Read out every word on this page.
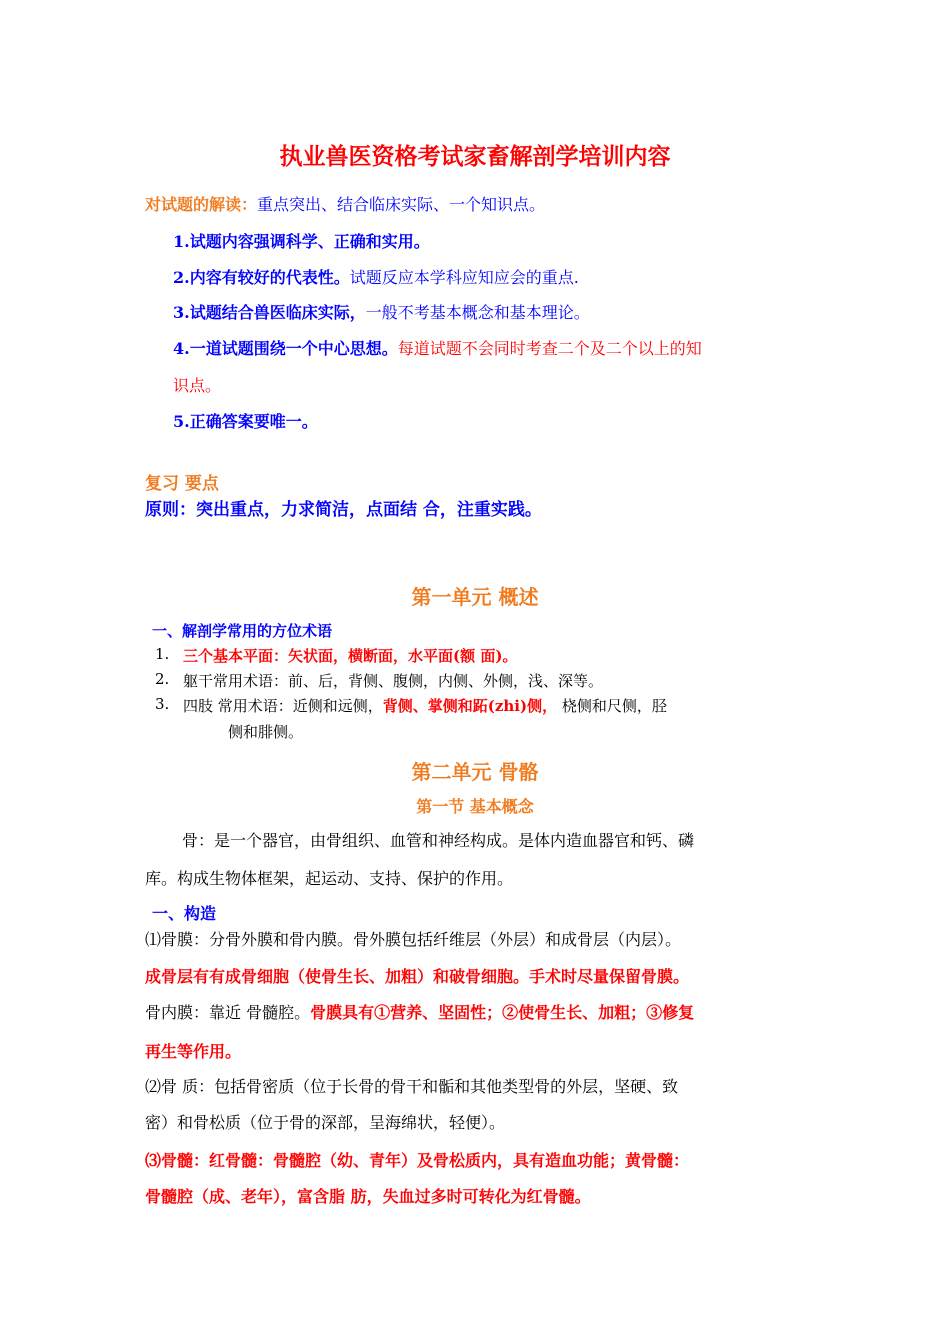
执业兽医资格考试家畜解剖学培训内容
对试题的解读：重点突出、结合临床实际、一个知识点。
1.试题内容强调科学、正确和实用。
2.内容有较好的代表性。试题反应本学科应知应会的重点.
3.试题结合兽医临床实际，一般不考基本概念和基本理论。
4.一道试题围绕一个中心思想。每道试题不会同时考查二个及二个以上的知
识点。
5.正确答案要唯一。
复习 要点
原则：突出重点，力求简洁，点面结 合，注重实践。
第一单元 概述
一、解剖学常用的方位术语
1. 三个基本平面：矢状面，横断面，水平面(额 面)。
2. 躯干常用术语：前、后，背侧、腹侧，内侧、外侧，浅、深等。
3. 四肢 常用术语：近侧和远侧，背侧、掌侧和跖(zhi)侧， 桡侧和尺侧，胫
侧和腓侧。
第二单元 骨骼
第一节 基本概念
骨：是一个器官，由骨组织、血管和神经构成。是体内造血器官和钙、磷
库。构成生物体框架，起运动、支持、保护的作用。
一、构造
⑴骨膜：分骨外膜和骨内膜。骨外膜包括纤维层（外层）和成骨层（内层）。
成骨层有有成骨细胞（使骨生长、加粗）和破骨细胞。手术时尽量保留骨膜。
骨内膜：靠近 骨髓腔。骨膜具有①营养、坚固性；②使骨生长、加粗；③修复
再生等作用。
⑵骨 质：包括骨密质（位于长骨的骨干和骺和其他类型骨的外层，坚硬、致
密）和骨松质（位于骨的深部，呈海绵状，轻便）。
⑶骨髓：红骨髓：骨髓腔（幼、青年）及骨松质内，具有造血功能；黄骨髓：
骨髓腔（成、老年），富含脂 肪，失血过多时可转化为红骨髓。
